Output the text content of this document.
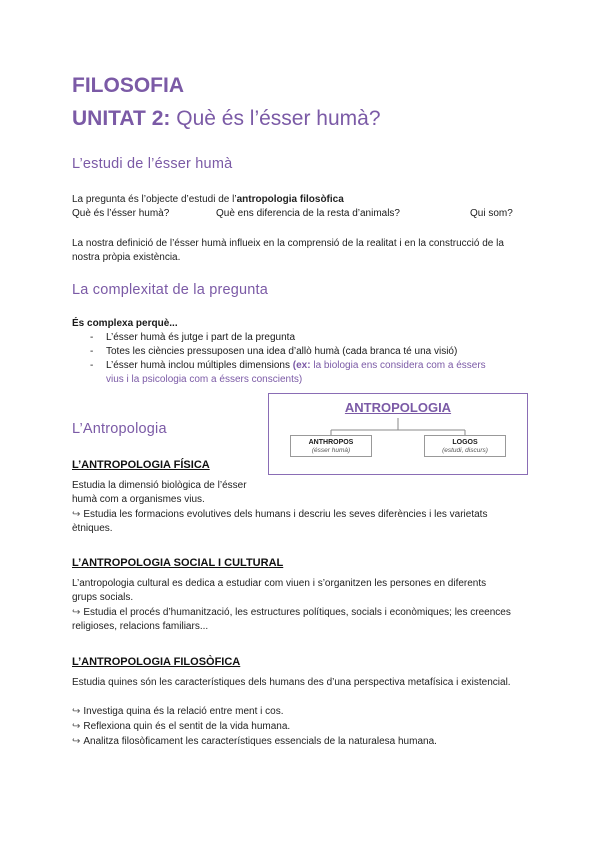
FILOSOFIA
UNITAT 2: Què és l’ésser humà?
L’estudi de l’ésser humà
La pregunta és l’objecte d’estudi de l’antropologia filosòfica
Què és l’ésser humà?	Què ens diferencia de la resta d’animals?	Qui som?
La nostra definició de l’ésser humà influeix en la comprensió de la realitat i en la construcció de la nostra pròpia existència.
La complexitat de la pregunta
És complexa perquè...
- L’ésser humà és jutge i part de la pregunta
- Totes les ciències pressuposen una idea d’allò humà (cada branca té una visió)
- L’ésser humà inclou múltiples dimensions (ex: la biologia ens considera com a éssers vius i la psicologia com a éssers conscients)
ANTROPOLOGIA
ANTHROPOS
(ésser humà)
LOGOS
(estudi, discurs)
L’Antropologia
L’ANTROPOLOGIA FÍSICA
Estudia la dimensió biològica de l’ésser humà com a organismes vius.
↪ Estudia les formacions evolutives dels humans i descriu les seves diferències i les varietats ètniques.
L’ANTROPOLOGIA SOCIAL I CULTURAL
L’antropologia cultural es dedica a estudiar com viuen i s’organitzen les persones en diferents grups socials.
↪ Estudia el procés d’humanització, les estructures polítiques, socials i econòmiques; les creences religioses, relacions familiars...
L’ANTROPOLOGIA FILOSÒFICA
Estudia quines són les característiques dels humans des d’una perspectiva metafísica i existencial.
↪ Investiga quina és la relació entre ment i cos.
↪ Reflexiona quin és el sentit de la vida humana.
↪ Analitza filosòficament les característiques essencials de la naturalesa humana.
